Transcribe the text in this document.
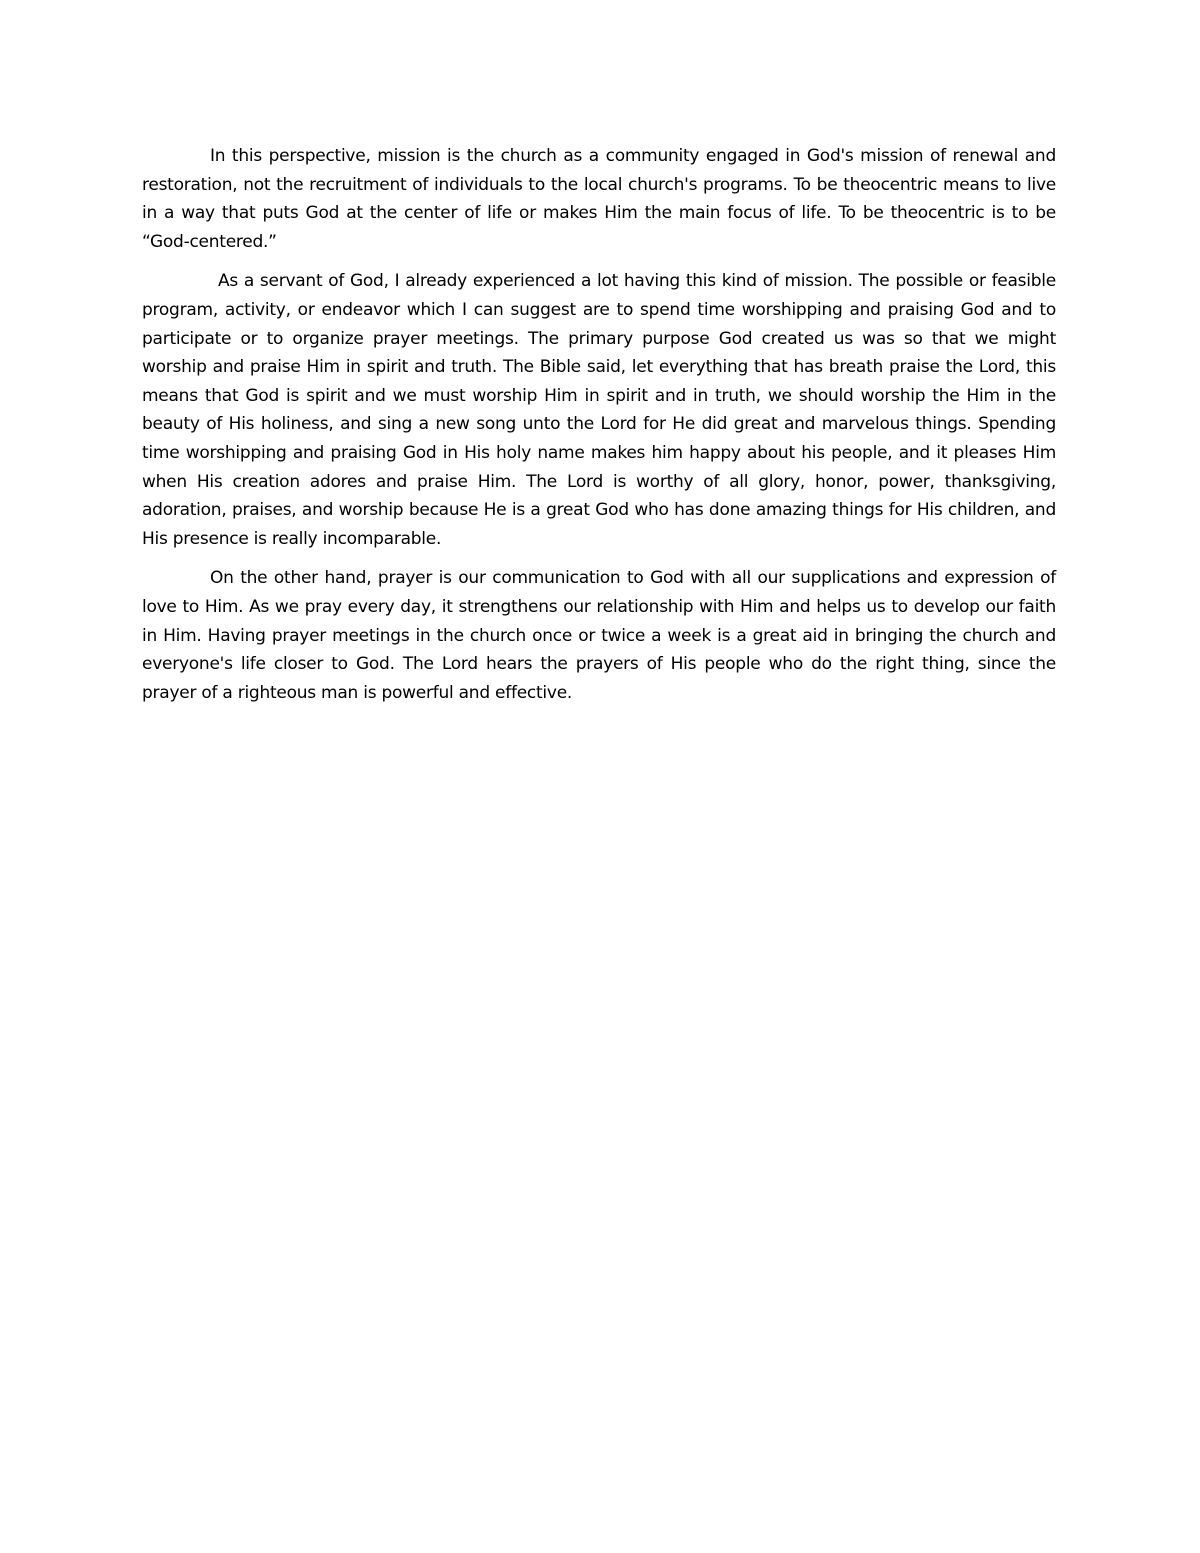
In this perspective, mission is the church as a community engaged in God's mission of renewal and restoration, not the recruitment of individuals to the local church's programs. To be theocentric means to live in a way that puts God at the center of life or makes Him the main focus of life. To be theocentric is to be “God-centered.”

As a servant of God, I already experienced a lot having this kind of mission. The possible or feasible program, activity, or endeavor which I can suggest are to spend time worshipping and praising God and to participate or to organize prayer meetings. The primary purpose God created us was so that we might worship and praise Him in spirit and truth. The Bible said, let everything that has breath praise the Lord, this means that God is spirit and we must worship Him in spirit and in truth, we should worship the Him in the beauty of His holiness, and sing a new song unto the Lord for He did great and marvelous things. Spending time worshipping and praising God in His holy name makes him happy about his people, and it pleases Him when His creation adores and praise Him. The Lord is worthy of all glory, honor, power, thanksgiving, adoration, praises, and worship because He is a great God who has done amazing things for His children, and His presence is really incomparable.

On the other hand, prayer is our communication to God with all our supplications and expression of love to Him. As we pray every day, it strengthens our relationship with Him and helps us to develop our faith in Him. Having prayer meetings in the church once or twice a week is a great aid in bringing the church and everyone's life closer to God. The Lord hears the prayers of His people who do the right thing, since the prayer of a righteous man is powerful and effective.
